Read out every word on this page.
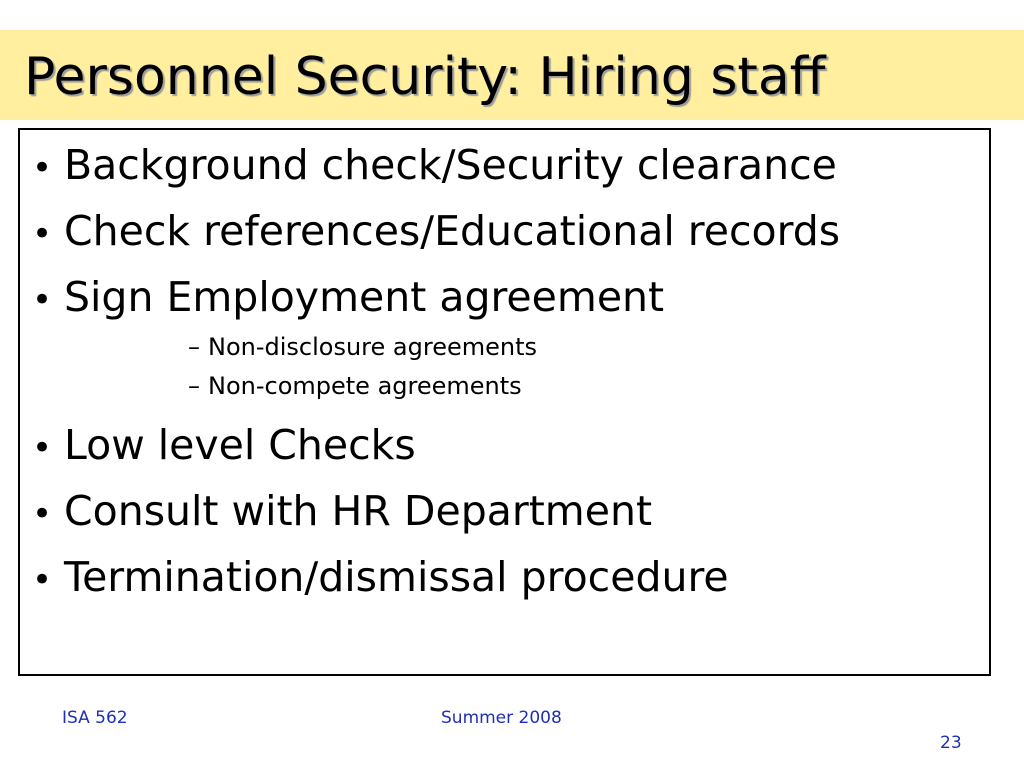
Personnel Security: Hiring staff
• Background check/Security clearance
• Check references/Educational records
• Sign Employment agreement
– Non-disclosure agreements
– Non-compete agreements
• Low level Checks
• Consult with HR Department
• Termination/dismissal procedure
ISA 562	Summer 2008
23
